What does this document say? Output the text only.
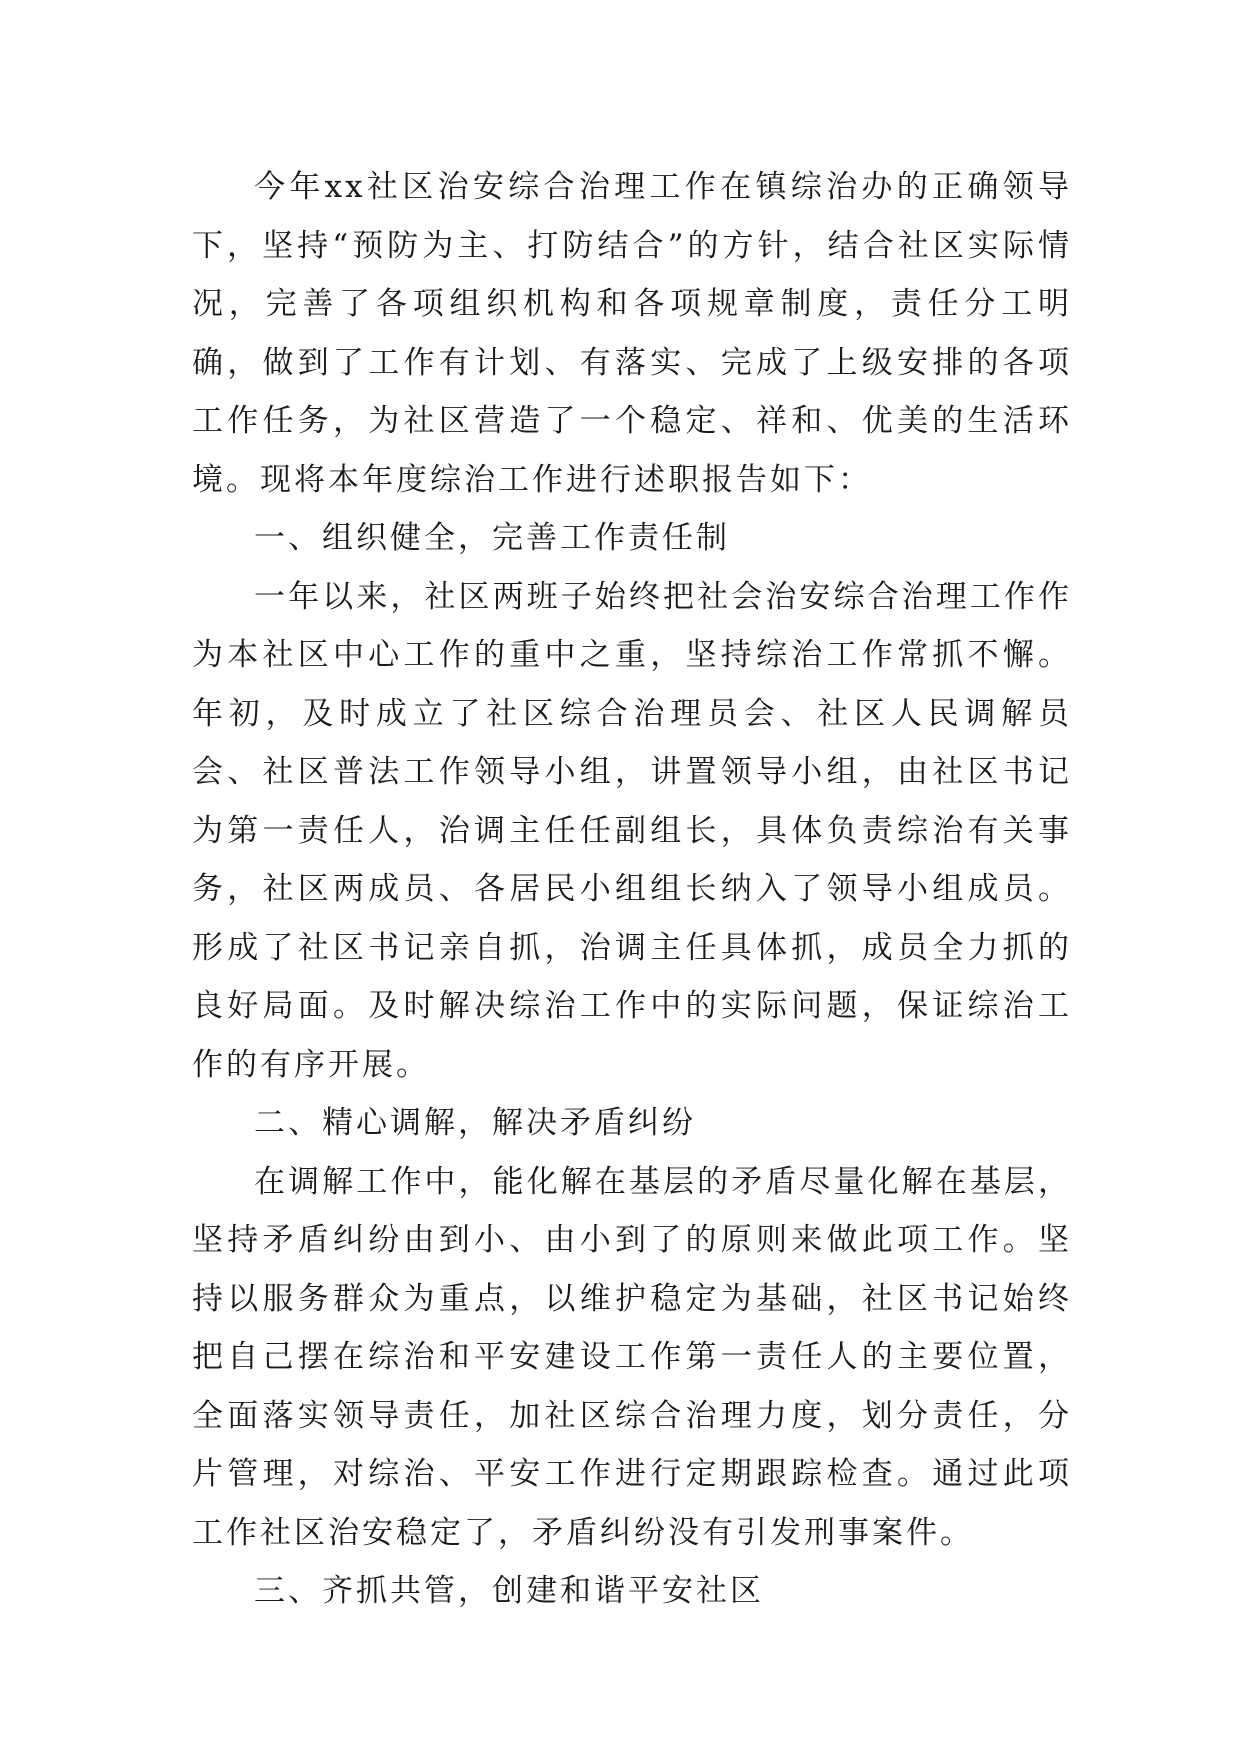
今年xx社区治安综合治理工作在镇综治办的正确领导下，坚持“预防为主、打防结合”的方针，结合社区实际情况，完善了各项组织机构和各项规章制度，责任分工明确，做到了工作有计划、有落实、完成了上级安排的各项工作任务，为社区营造了一个稳定、祥和、优美的生活环境。现将本年度综治工作进行述职报告如下：

一、组织健全，完善工作责任制

一年以来，社区两班子始终把社会治安综合治理工作作为本社区中心工作的重中之重，坚持综治工作常抓不懈。年初，及时成立了社区综合治理员会、社区人民调解员会、社区普法工作领导小组，讲置领导小组，由社区书记为第一责任人，治调主任任副组长，具体负责综治有关事务，社区两成员、各居民小组组长纳入了领导小组成员。形成了社区书记亲自抓，治调主任具体抓，成员全力抓的良好局面。及时解决综治工作中的实际问题，保证综治工作的有序开展。

二、精心调解，解决矛盾纠纷

在调解工作中，能化解在基层的矛盾尽量化解在基层，坚持矛盾纠纷由到小、由小到了的原则来做此项工作。坚持以服务群众为重点，以维护稳定为基础，社区书记始终把自己摆在综治和平安建设工作第一责任人的主要位置，全面落实领导责任，加社区综合治理力度，划分责任，分片管理，对综治、平安工作进行定期跟踪检查。通过此项工作社区治安稳定了，矛盾纠纷没有引发刑事案件。

三、齐抓共管，创建和谐平安社区
